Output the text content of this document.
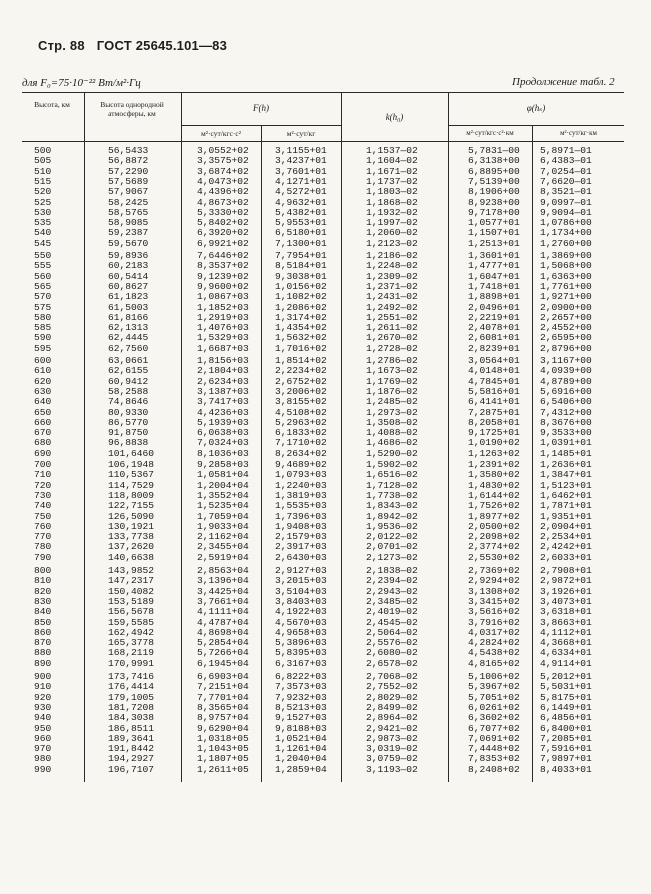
Стр. 88 ГОСТ 25645.101—83
для F₀=75·10⁻²² Вт/м²·Гц	Продолжение табл. 2
Высота, км	Высота однородной атмосферы, км
F(h)
м²·сут/кгс·с²	м²·сут/кг
k(h₀)
φ(hₛ)
м²·сут/кгс·с²·км	м²·сут/кг·км
500	56,5433	3,0552+02	3,1155+01	1,1537—02	5,7831—00 5,8971—01
505	56,8872	3,3575+02	3,4237+01	1,1604—02	6,3138+00 6,4383—01
510	57,2290	3,6874+02	3,7601+01	1,1671—02	6,8895+00 7,0254—01
515	57,5689	4,0473+02	4,1271+01	1,1737—02	7,5139+00 7,6620—01
520	57,9067	4,4396+02	4,5272+01	1,1803—02	8,1906+00 8,3521—01
525	58,2425	4,8673+02	4,9632+01	1,1868—02	8,9238+00 9,0997—01
530	58,5765	5,3330+02	5,4382+01	1,1932—02	9,7178+00 9,9094—01
535	58,9085	5,8402+02	5,9553+01	1,1997—02	1,0577+01 1,0786+00
540	59,2387	6,3920+02	6,5180+01	1,2060—02	1,1507+01 1,1734+00
545	59,5670	6,9921+02	7,1300+01	1,2123—02	1,2513+01 1,2760+00
550	59,8936	7,6446+02	7,7954+01	1,2186—02	1,3601+01 1,3869+00
555	60,2183	8,3537+02	8,5184+01	1,2248—02	1,4777+01 1,5068+00
560	60,5414	9,1239+02	9,3038+01	1,2309—02	1,6047+01 1,6363+00
565	60,8627	9,9600+02	1,0156+02	1,2371—02	1,7418+01 1,7761+00
570	61,1823	1,0867+03	1,1082+02	1,2431—02	1,8898+01 1,9271+00
575	61,5003	1,1852+03	1,2086+02	1,2492—02	2,0496+01 2,0900+00
580	61,8166	1,2919+03	1,3174+02	1,2551—02	2,2219+01 2,2657+00
585	62,1313	1,4076+03	1,4354+02	1,2611—02	2,4078+01 2,4552+00
590	62,4445	1,5329+03	1,5632+02	1,2670—02	2,6081+01 2,6595+00
595	62,7560	1,6687+03	1,7016+02	1,2728—02	2,8239+01 2,8796+00
600	63,0661	1,8156+03	1,8514+02	1,2786—02	3,0564+01 3,1167+00
610	62,6155	2,1804+03	2,2234+02	1,1673—02	4,0148+01 4,0939+00
620	60,9412	2,6234+03	2,6752+02	1,1769—02	4,7845+01 4,8789+00
630	58,2588	3,1387+03	3,2006+02	1,1876—02	5,5816+01 5,6916+00
640	74,8646	3,7417+03	3,8155+02	1,2485—02	6,4141+01 6,5406+00
650	80,9330	4,4236+03	4,5108+02	1,2973—02	7,2875+01 7,4312+00
660	86,5770	5,1939+03	5,2963+02	1,3508—02	8,2058+01 8,3676+00
670	91,8750	6,0638+03	6,1833+02	1,4088—02	9,1725+01 9,3533+00
680	96,8838	7,0324+03	7,1710+02	1,4686—02	1,0190+02 1,0391+01
690	101,6460	8,1036+03	8,2634+02	1,5290—02	1,1263+02 1,1485+01
700	106,1948	9,2858+03	9,4689+02	1,5902—02	1,2391+02 1,2636+01
710	110,5367	1,0581+04	1,0793+03	1,6516—02	1,3580+02 1,3847+01
720	114,7529	1,2004+04	1,2240+03	1,7128—02	1,4830+02 1,5123+01
730	118,8009	1,3552+04	1,3819+03	1,7738—02	1,6144+02 1,6462+01
740	122,7155	1,5235+04	1,5535+03	1,8343—02	1,7526+02 1,7871+01
750	126,5090	1,7059+04	1,7396+03	1,8942—02	1,8977+02 1,9351+01
760	130,1921	1,9033+04	1,9408+03	1,9536—02	2,0500+02 2,0904+01
770	133,7738	2,1162+04	2,1579+03	2,0122—02	2,2098+02 2,2534+01
780	137,2620	2,3455+04	2,3917+03	2,0701—02	2,3774+02 2,4242+01
790	140,6638	2,5919+04	2,6430+03	2,1273—02	2,5530+02 2,6033+01
800	143,9852	2,8563+04	2,9127+03	2,1838—02	2,7369+02 2,7908+01
810	147,2317	3,1396+04	3,2015+03	2,2394—02	2,9294+02 2,9872+01
820	150,4082	3,4425+04	3,5104+03	2,2943—02	3,1308+02 3,1926+01
830	153,5189	3,7661+04	3,8403+03	2,3485—02	3,3415+02 3,4073+01
840	156,5678	4,1111+04	4,1922+03	2,4019—02	3,5616+02 3,6318+01
850	159,5585	4,4787+04	4,5670+03	2,4545—02	3,7916+02 3,8663+01
860	162,4942	4,8698+04	4,9658+03	2,5064—02	4,0317+02 4,1112+01
870	165,3778	5,2854+04	5,3896+03	2,5576—02	4,2824+02 4,3668+01
880	168,2119	5,7266+04	5,8395+03	2,6080—02	4,5438+02 4,6334+01
890	170,9991	6,1945+04	6,3167+03	2,6578—02	4,8165+02 4,9114+01
900	173,7416	6,6903+04	6,8222+03	2,7068—02	5,1006+02 5,2012+01
910	176,4414	7,2151+04	7,3573+03	2,7552—02	5,3967+02 5,5031+01
920	179,1005	7,7701+04	7,9232+03	2,8029—02	5,7051+02 5,8175+01
930	181,7208	8,3565+04	8,5213+03	2,8499—02	6,0261+02 6,1449+01
940	184,3038	8,9757+04	9,1527+03	2,8964—02	6,3602+02 6,4856+01
950	186,8511	9,6290+04	9,8188+03	2,9421—02	6,7077+02 6,8400+01
960	189,3641	1,0318+05	1,0521+04	2,9873—02	7,0691+02 7,2085+01
970	191,8442	1,1043+05	1,1261+04	3,0319—02	7,4448+02 7,5916+01
980	194,2927	1,1807+05	1,2040+04	3,0759—02	7,8353+02 7,9897+01
990	196,7107	1,2611+05	1,2859+04	3,1193—02	8,2408+02 8,4033+01
